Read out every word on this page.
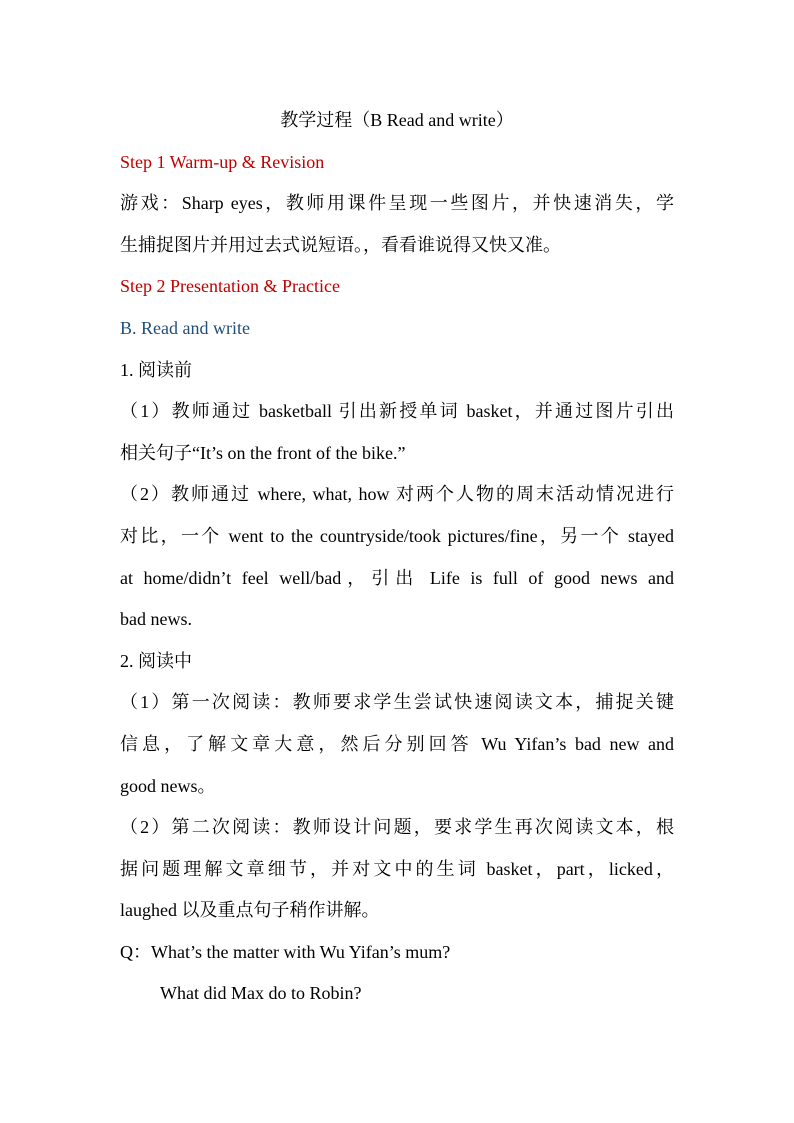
教学过程（B Read and write）
Step 1 Warm-up & Revision
游戏：Sharp eyes，教师用课件呈现一些图片，并快速消失，学
生捕捉图片并用过去式说短语。，看看谁说得又快又准。
Step 2 Presentation & Practice
B. Read and write
1. 阅读前
（1）教师通过 basketball 引出新授单词 basket，并通过图片引出
相关句子“It’s on the front of the bike.”
（2）教师通过 where, what, how 对两个人物的周末活动情况进行
对比，一个 went to the countryside/took pictures/fine，另一个 stayed
at home/didn’t feel well/bad，引出 Life is full of good news and
bad news.
2. 阅读中
（1）第一次阅读：教师要求学生尝试快速阅读文本，捕捉关键
信息，了解文章大意，然后分别回答 Wu Yifan’s bad new and
good news。
（2）第二次阅读：教师设计问题，要求学生再次阅读文本，根
据问题理解文章细节，并对文中的生词 basket，part，licked，
laughed 以及重点句子稍作讲解。
Q：What’s the matter with Wu Yifan’s mum?
What did Max do to Robin?
